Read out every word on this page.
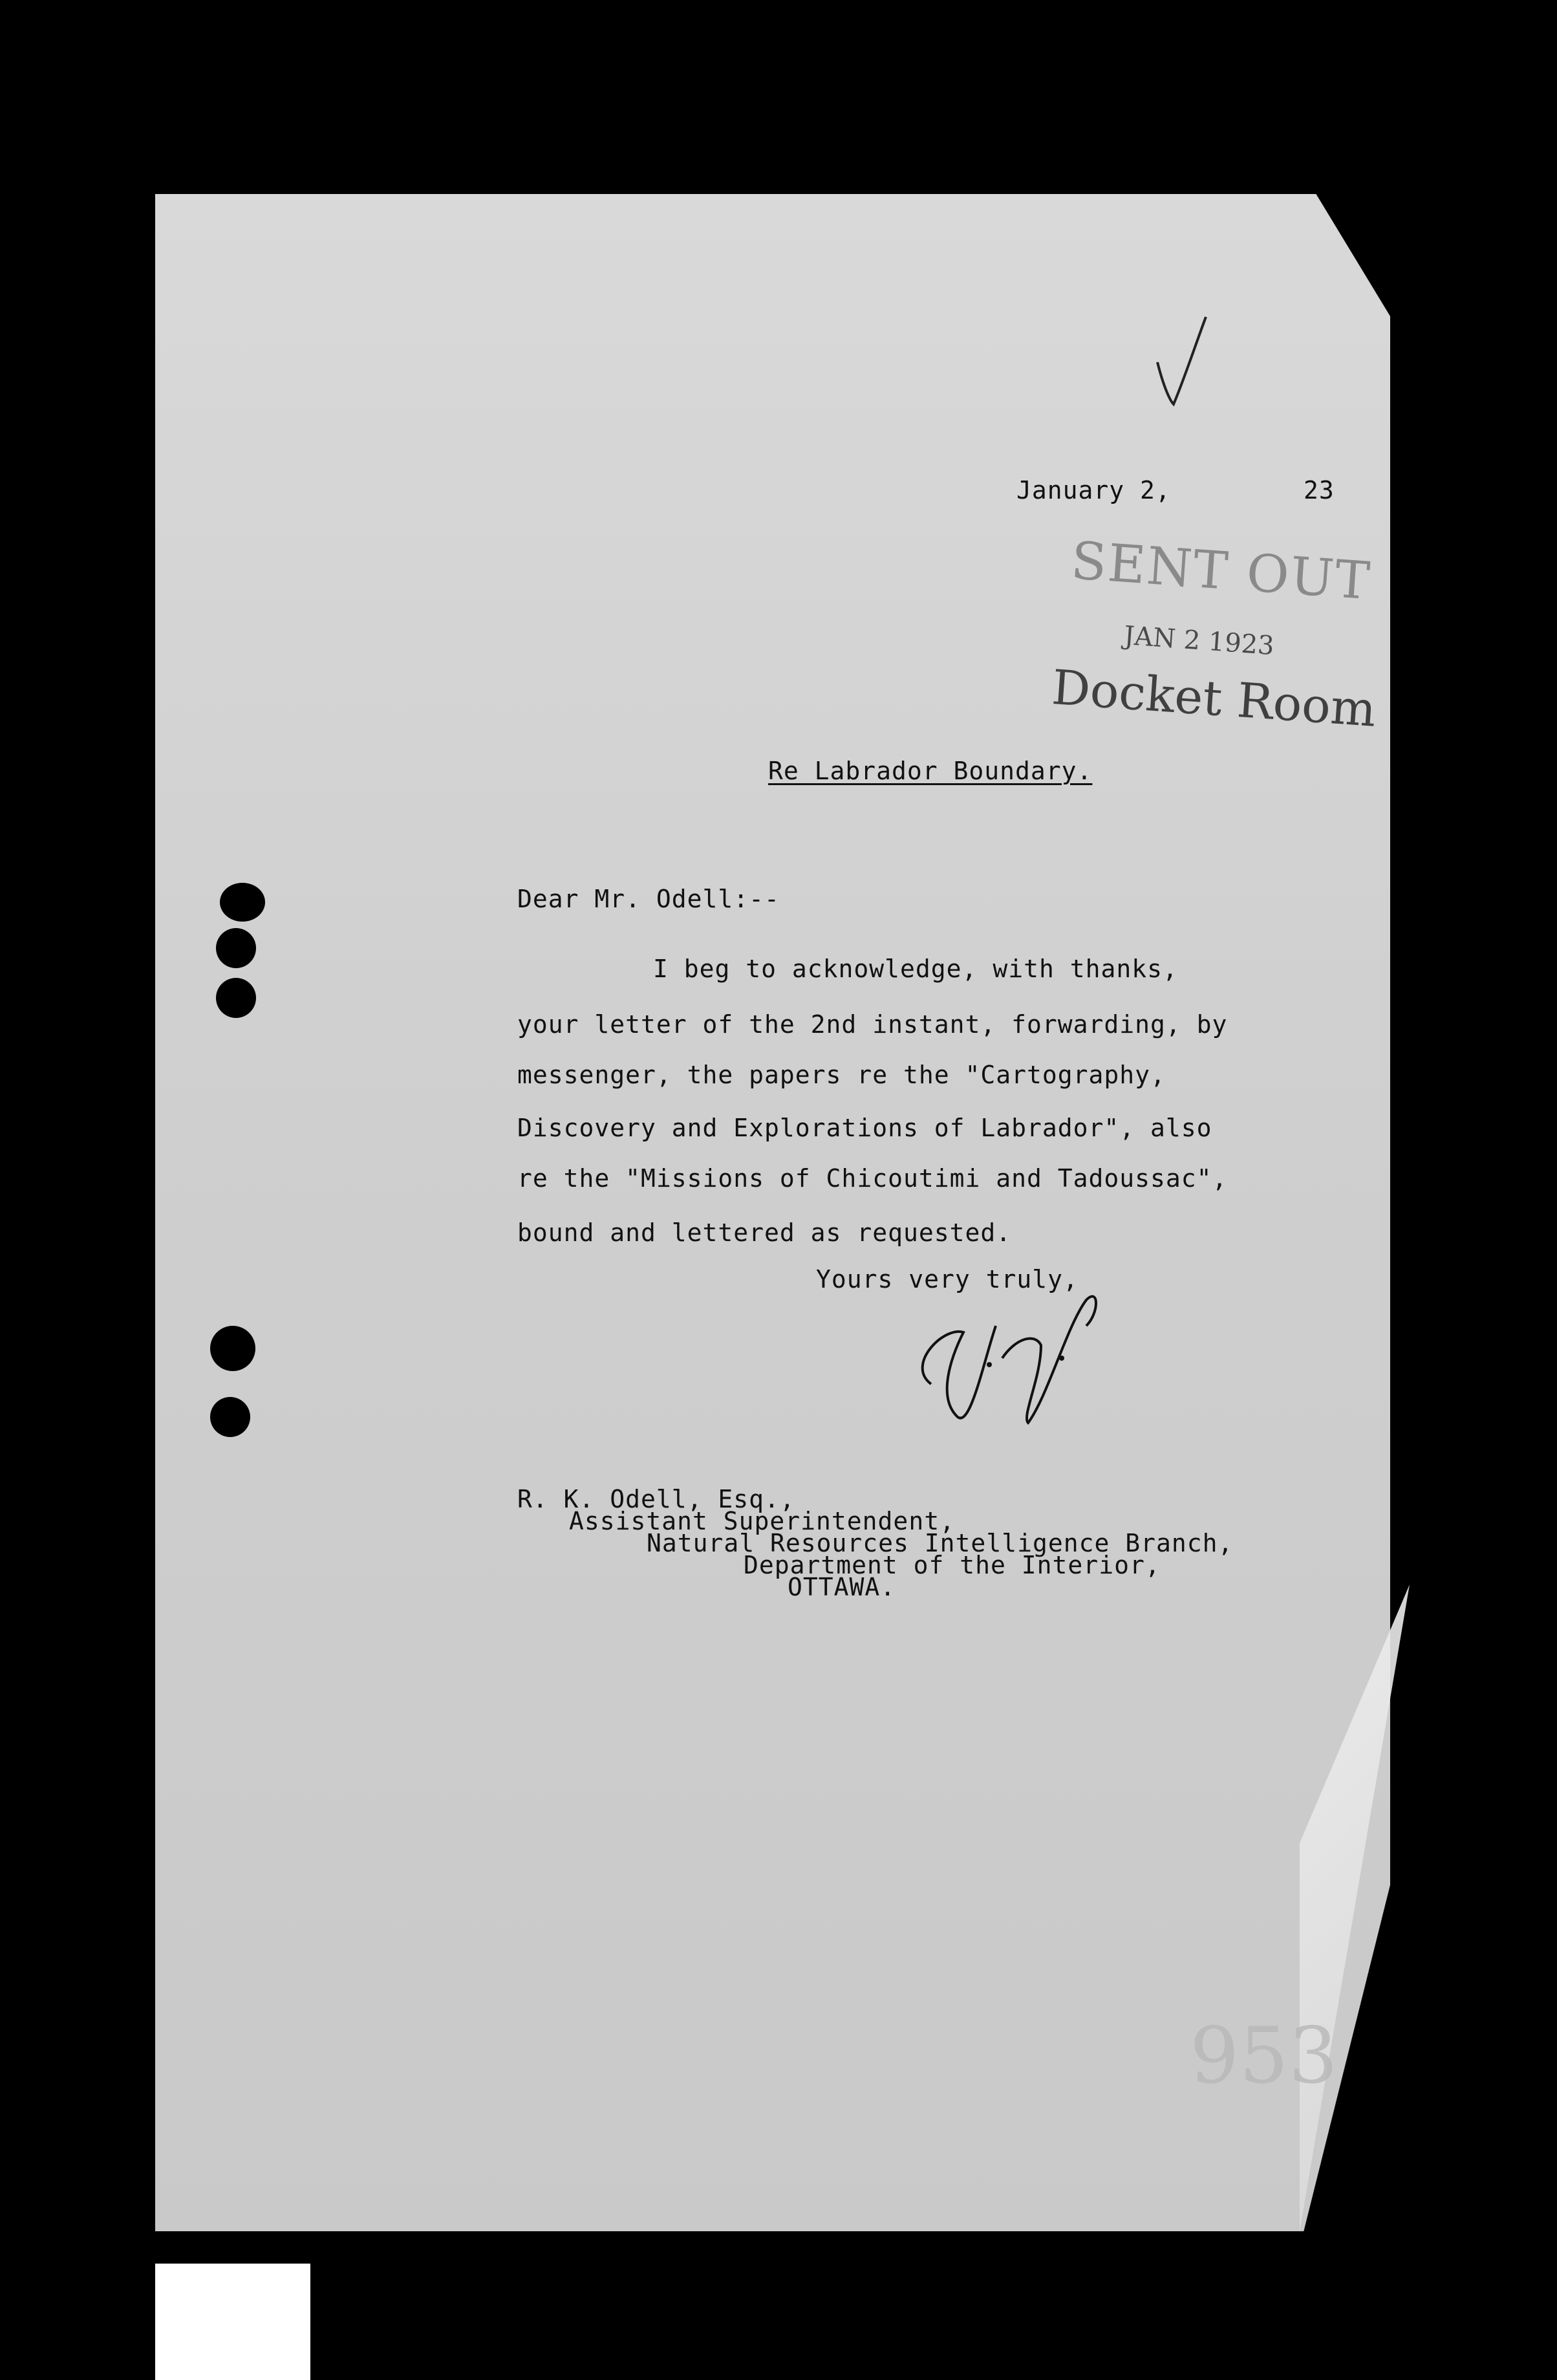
January 2,	23
SENT OUT
JAN 2 1923
Docket Room
Re Labrador Boundary.
Dear Mr. Odell:--
I beg to acknowledge, with thanks,
your letter of the 2nd instant, forwarding, by
messenger, the papers re the "Cartography,
Discovery and Explorations of Labrador", also
re the "Missions of Chicoutimi and Tadoussac",
bound and lettered as requested.
Yours very truly,
R. K. Odell, Esq.,
Assistant Superintendent,
Natural Resources Intelligence Branch,
Department of the Interior,
OTTAWA.
953
